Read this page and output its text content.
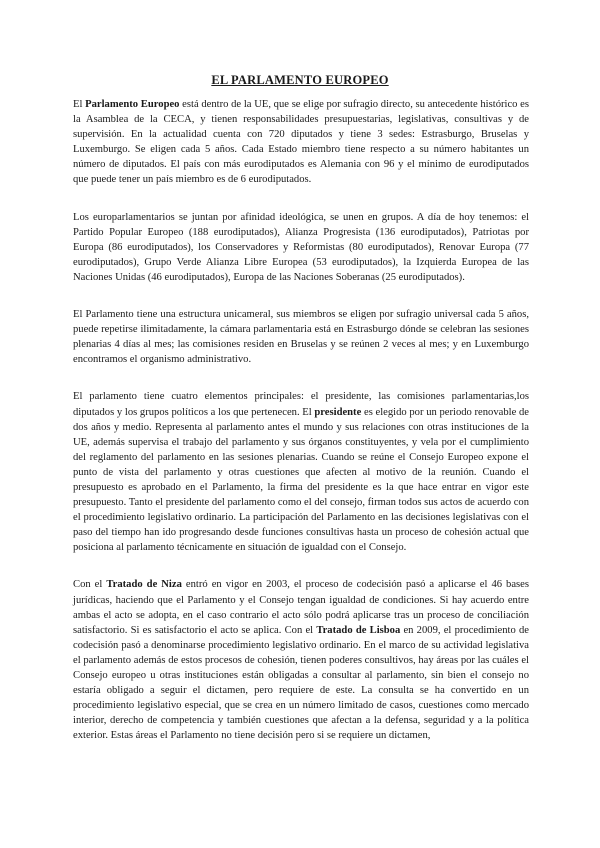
EL PARLAMENTO EUROPEO

El Parlamento Europeo está dentro de la UE, que se elige por sufragio directo, su antecedente histórico es la Asamblea de la CECA, y tienen responsabilidades presupuestarias, legislativas, consultivas y de supervisión. En la actualidad cuenta con 720 diputados y tiene 3 sedes: Estrasburgo, Bruselas y Luxemburgo. Se eligen cada 5 años. Cada Estado miembro tiene respecto a su número habitantes un número de diputados. El país con más eurodiputados es Alemania con 96 y el mínimo de eurodiputados que puede tener un país miembro es de 6 eurodiputados.

Los europarlamentarios se juntan por afinidad ideológica, se unen en grupos. A día de hoy tenemos: el Partido Popular Europeo (188 eurodiputados), Alianza Progresista (136 eurodiputados), Patriotas por Europa (86 eurodiputados), los Conservadores y Reformistas (80 eurodiputados), Renovar Europa (77 eurodiputados), Grupo Verde Alianza Libre Europea (53 eurodiputados), la Izquierda Europea de las Naciones Unidas (46 eurodiputados), Europa de las Naciones Soberanas (25 eurodiputados).

El Parlamento tiene una estructura unicameral, sus miembros se eligen por sufragio universal cada 5 años, puede repetirse ilimitadamente, la cámara parlamentaria está en Estrasburgo dónde se celebran las sesiones plenarias 4 días al mes; las comisiones residen en Bruselas y se reúnen 2 veces al mes; y en Luxemburgo encontramos el organismo administrativo.

El parlamento tiene cuatro elementos principales: el presidente, las comisiones parlamentarias,los diputados y los grupos políticos a los que pertenecen. El presidente es elegido por un periodo renovable de dos años y medio. Representa al parlamento antes el mundo y sus relaciones con otras instituciones de la UE, además supervisa el trabajo del parlamento y sus órganos constituyentes, y vela por el cumplimiento del reglamento del parlamento en las sesiones plenarias. Cuando se reúne el Consejo Europeo expone el punto de vista del parlamento y otras cuestiones que afecten al motivo de la reunión. Cuando el presupuesto es aprobado en el Parlamento, la firma del presidente es la que hace entrar en vigor este presupuesto. Tanto el presidente del parlamento como el del consejo, firman todos sus actos de acuerdo con el procedimiento legislativo ordinario. La participación del Parlamento en las decisiones legislativas con el paso del tiempo han ido progresando desde funciones consultivas hasta un proceso de cohesión actual que posiciona al parlamento técnicamente en situación de igualdad con el Consejo.

Con el Tratado de Niza entró en vigor en 2003, el proceso de codecisión pasó a aplicarse el 46 bases jurídicas, haciendo que el Parlamento y el Consejo tengan igualdad de condiciones. Si hay acuerdo entre ambas el acto se adopta, en el caso contrario el acto sólo podrá aplicarse tras un proceso de conciliación satisfactorio. Si es satisfactorio el acto se aplica. Con el Tratado de Lisboa en 2009, el procedimiento de codecisión pasó a denominarse procedimiento legislativo ordinario. En el marco de su actividad legislativa el parlamento además de estos procesos de cohesión, tienen poderes consultivos, hay áreas por las cuáles el Consejo europeo u otras instituciones están obligadas a consultar al parlamento, sin bien el consejo no estaría obligado a seguir el dictamen, pero requiere de este. La consulta se ha convertido en un procedimiento legislativo especial, que se crea en un número limitado de casos, cuestiones como mercado interior, derecho de competencia y también cuestiones que afectan a la defensa, seguridad y a la política exterior. Estas áreas el Parlamento no tiene decisión pero si se requiere un dictamen,
